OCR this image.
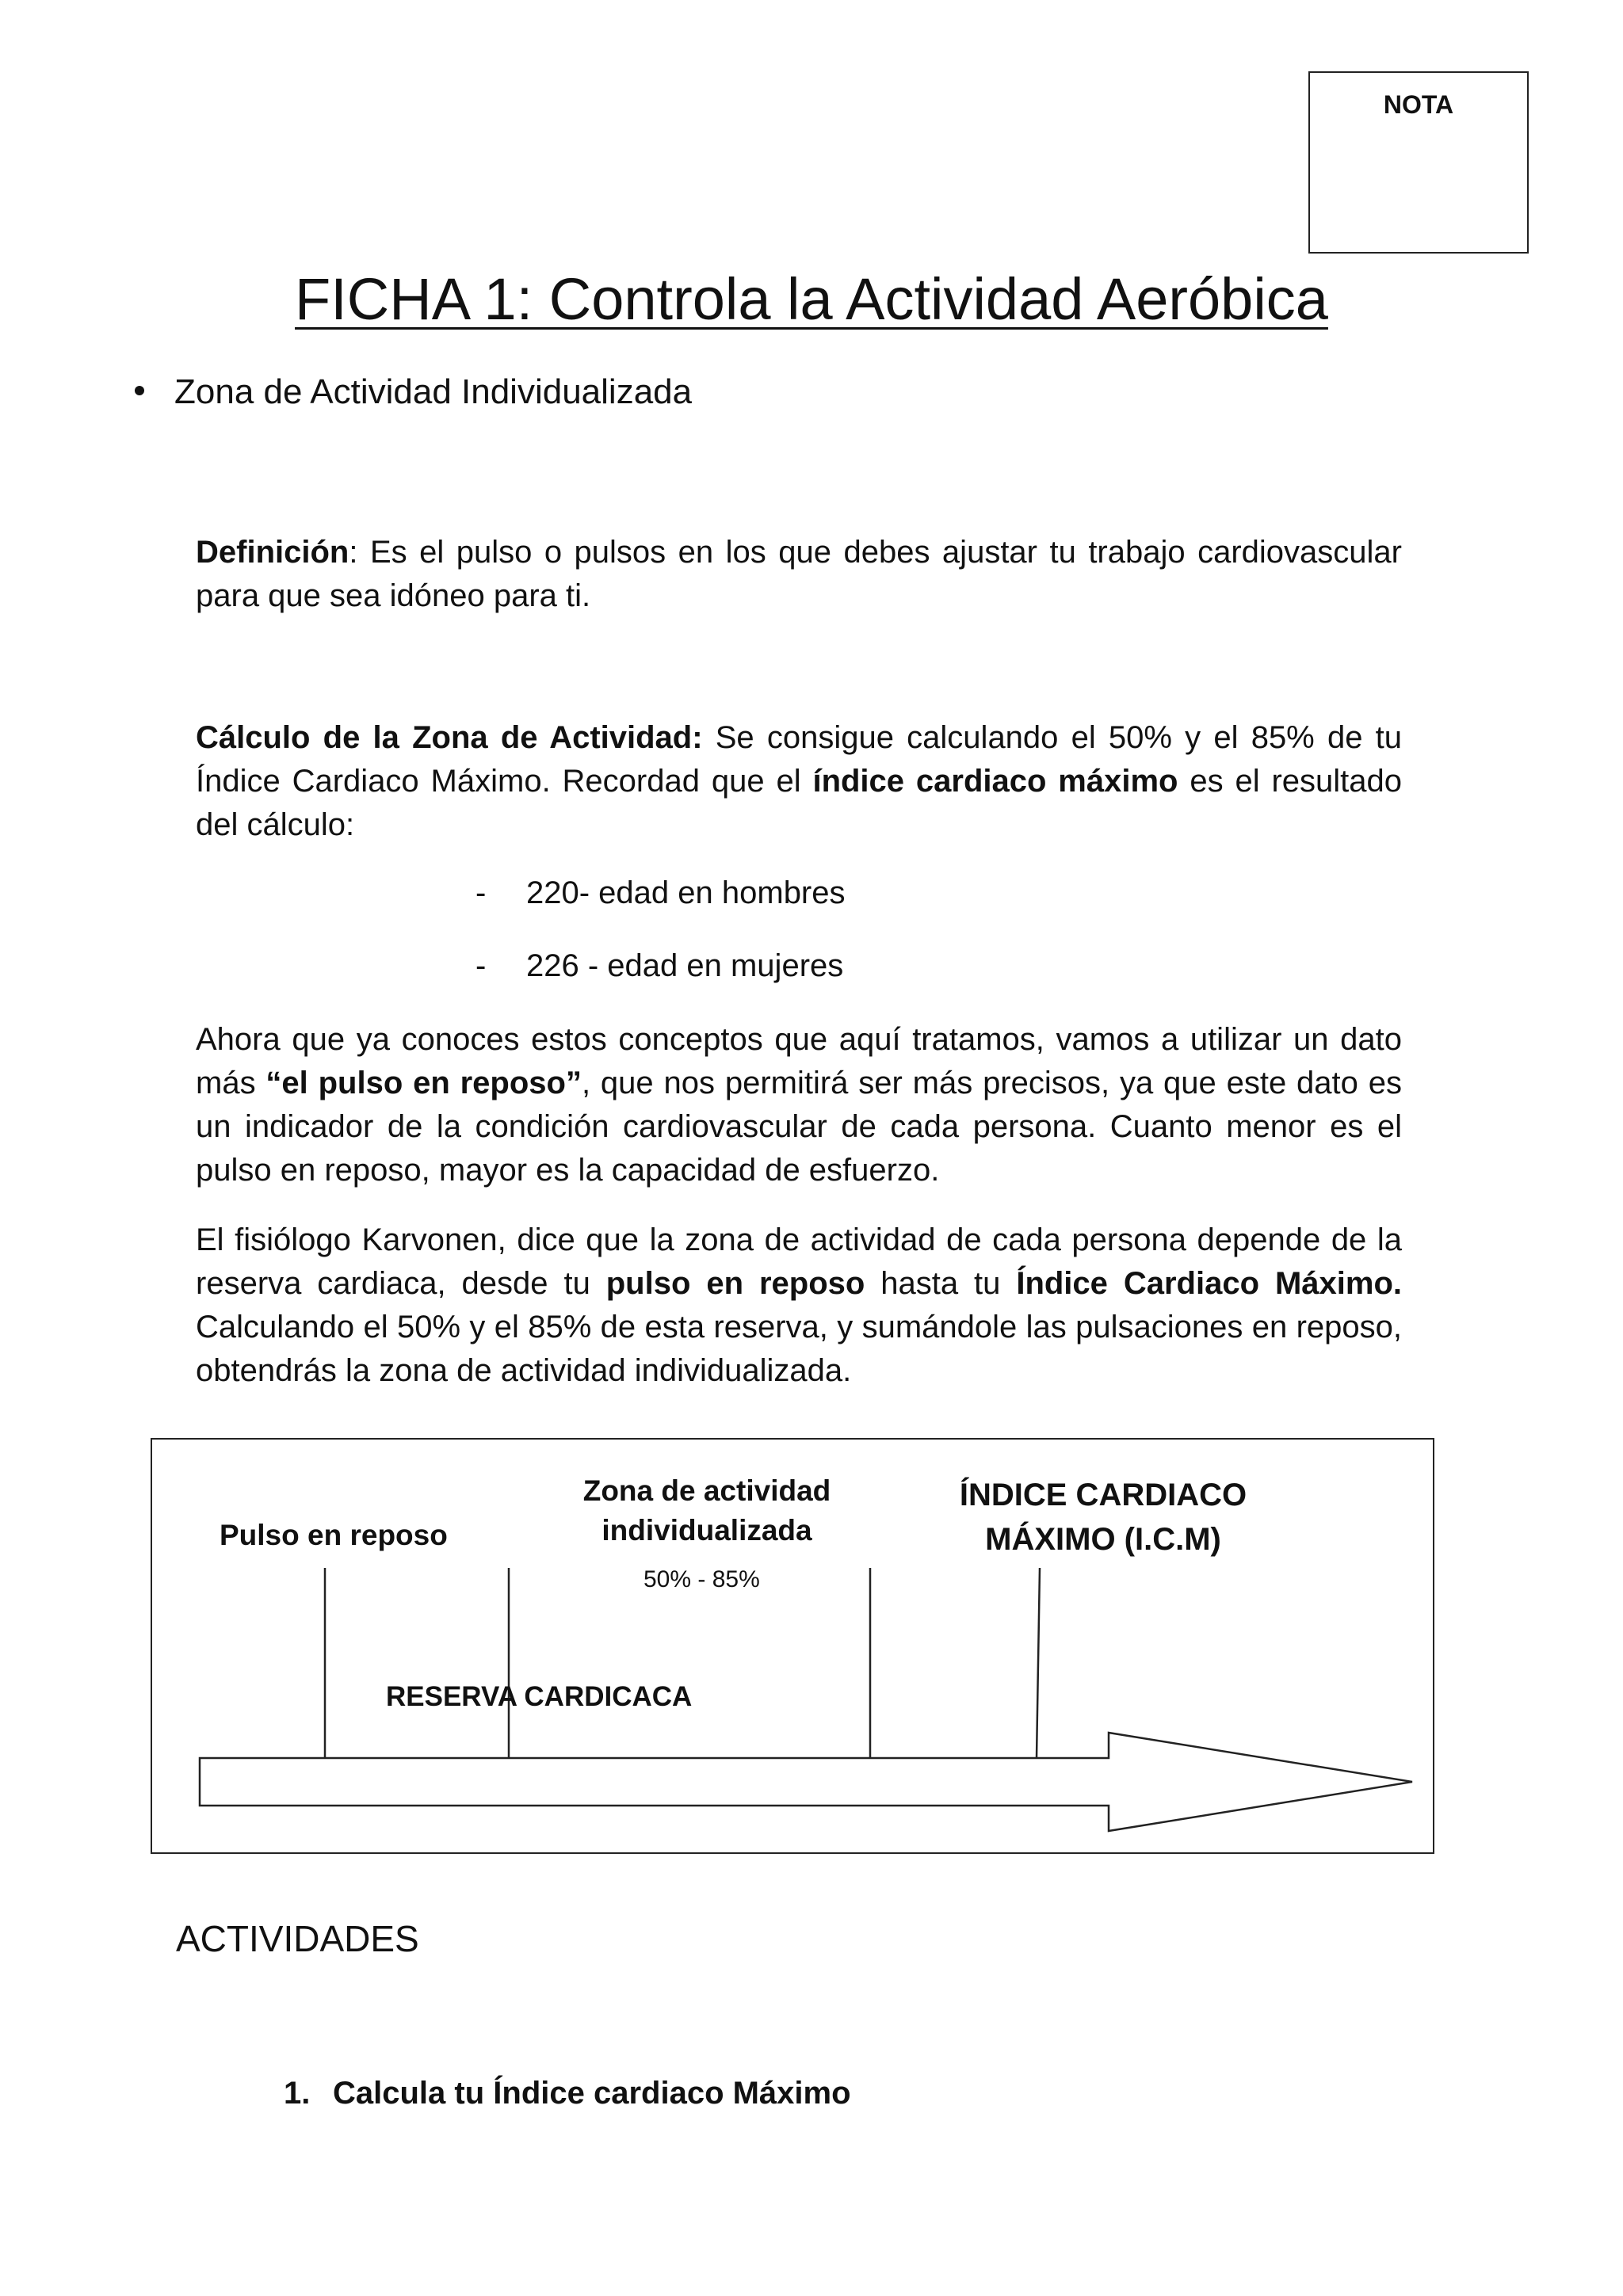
NOTA
FICHA 1: Controla la Actividad Aeróbica
Zona de Actividad Individualizada

Definición: Es el pulso o pulsos en los que debes ajustar tu trabajo cardiovascular para que sea idóneo para ti.

Cálculo de la Zona de Actividad: Se consigue calculando el 50% y el 85% de tu Índice Cardiaco Máximo. Recordad que el índice cardiaco máximo es el resultado del cálculo:

- 220- edad en hombres
- 226 - edad en mujeres

Ahora que ya conoces estos conceptos que aquí tratamos, vamos a utilizar un dato más “el pulso en reposo”, que nos permitirá ser más precisos, ya que este dato es un indicador de la condición cardiovascular de cada persona. Cuanto menor es el pulso en reposo, mayor es la capacidad de esfuerzo.

El fisiólogo Karvonen, dice que la zona de actividad de cada persona depende de la reserva cardiaca, desde tu pulso en reposo hasta tu Índice Cardiaco Máximo. Calculando el 50% y el 85% de esta reserva, y sumándole las pulsaciones en reposo, obtendrás la zona de actividad individualizada.

Pulso en reposo
Zona de actividad
individualizada
50% - 85%
ÍNDICE CARDIACO
MÁXIMO (I.C.M)
RESERVA CARDICACA
ACTIVIDADES
1. Calcula tu Índice cardiaco Máximo
